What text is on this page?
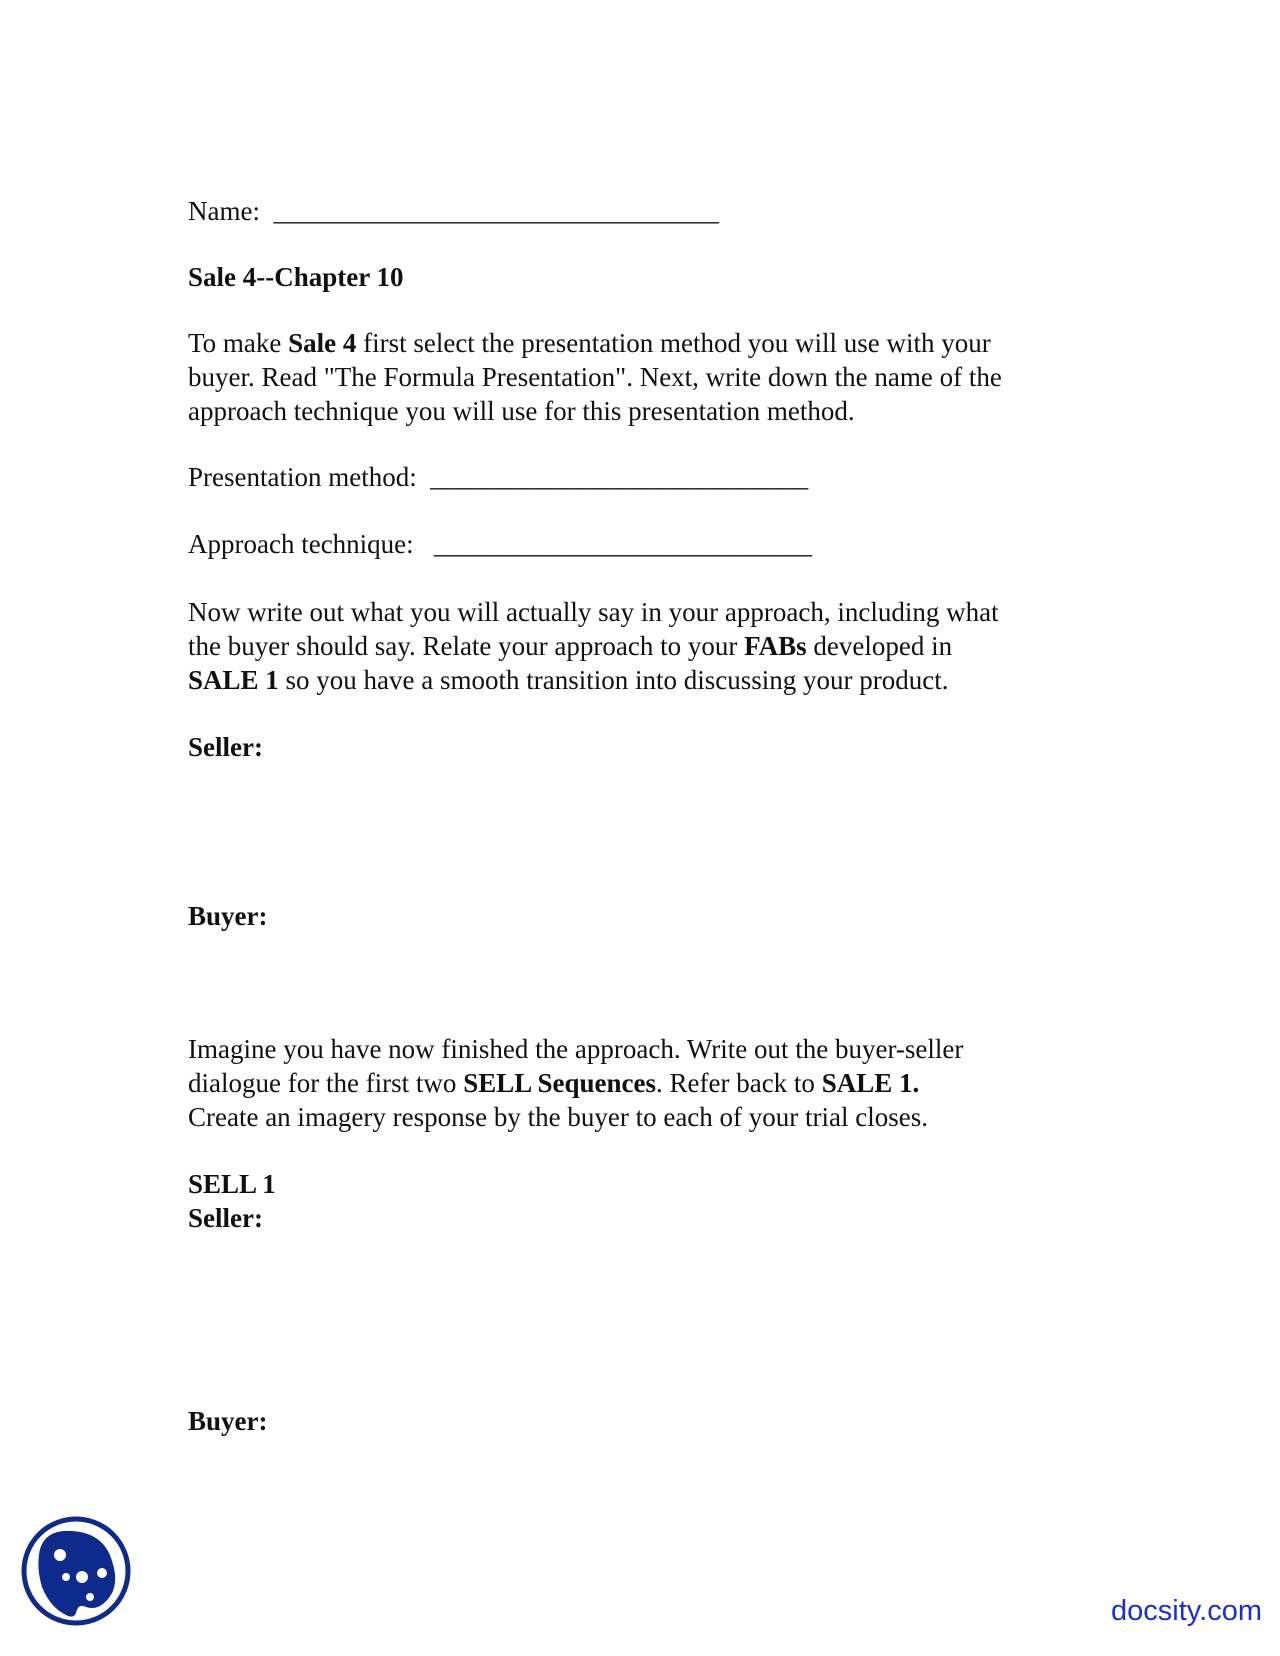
Name: _________________________________

Sale 4--Chapter 10

To make Sale 4 first select the presentation method you will use with your

buyer. Read "The Formula Presentation". Next, write down the name of the

approach technique you will use for this presentation method.

Presentation method: ____________________________

Approach technique: ____________________________

Now write out what you will actually say in your approach, including what

the buyer should say. Relate your approach to your FABs developed in

SALE 1 so you have a smooth transition into discussing your product.

Seller:

Buyer:

Imagine you have now finished the approach. Write out the buyer-seller

dialogue for the first two SELL Sequences. Refer back to SALE 1.

Create an imagery response by the buyer to each of your trial closes.

SELL 1

Seller:

Buyer:

docsity.com
